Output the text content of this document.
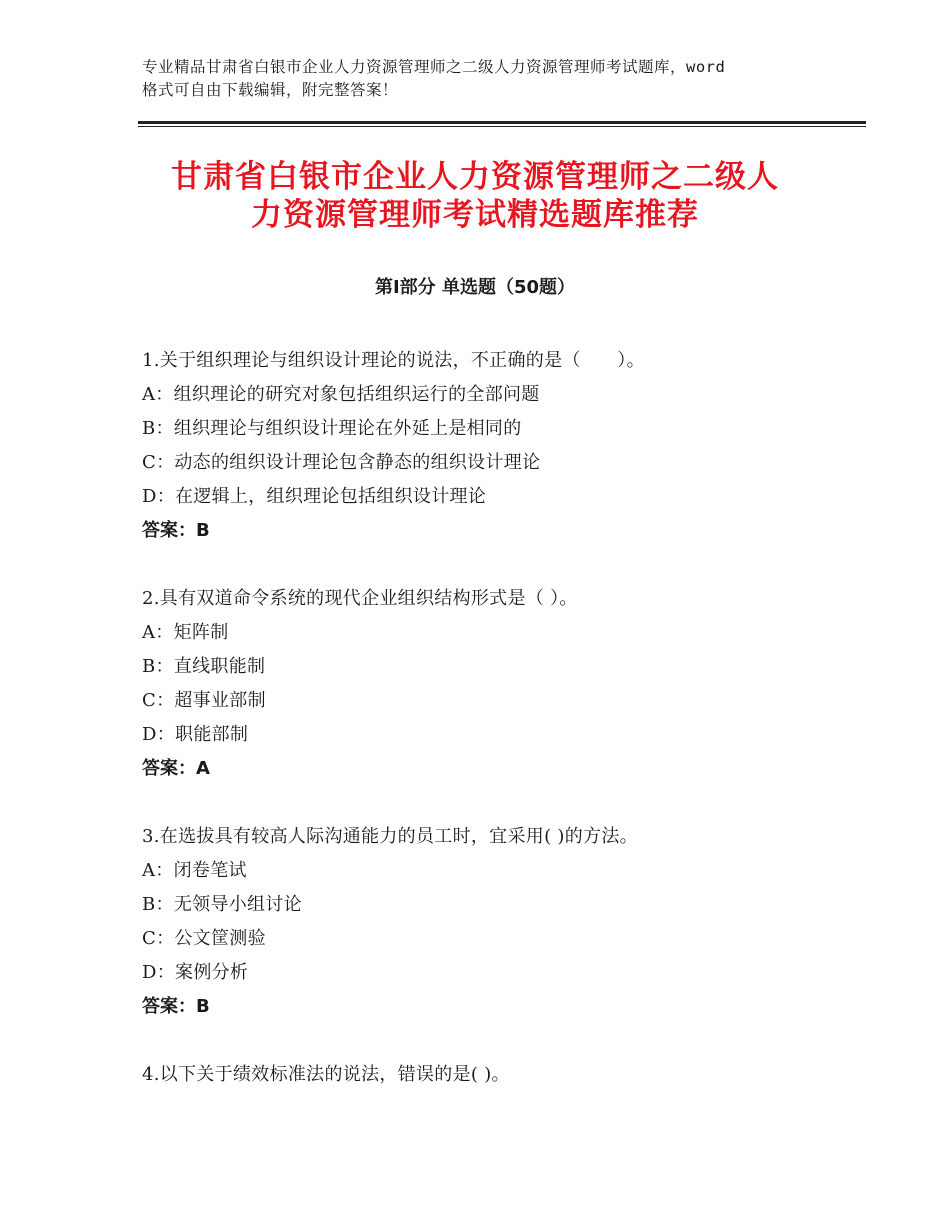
专业精品甘肃省白银市企业人力资源管理师之二级人力资源管理师考试题库，word
格式可自由下载编辑，附完整答案！
甘肃省白银市企业人力资源管理师之二级人
力资源管理师考试精选题库推荐
第Ⅰ部分 单选题（50题）
1.关于组织理论与组织设计理论的说法，不正确的是（　　）。
A：组织理论的研究对象包括组织运行的全部问题
B：组织理论与组织设计理论在外延上是相同的
C：动态的组织设计理论包含静态的组织设计理论
D：在逻辑上，组织理论包括组织设计理论
答案：B
2.具有双道命令系统的现代企业组织结构形式是（ ）。
A：矩阵制
B：直线职能制
C：超事业部制
D：职能部制
答案：A
3.在选拔具有较高人际沟通能力的员工时，宜采用( )的方法。
A：闭卷笔试
B：无领导小组讨论
C：公文筐测验
D：案例分析
答案：B
4.以下关于绩效标准法的说法，错误的是( )。
